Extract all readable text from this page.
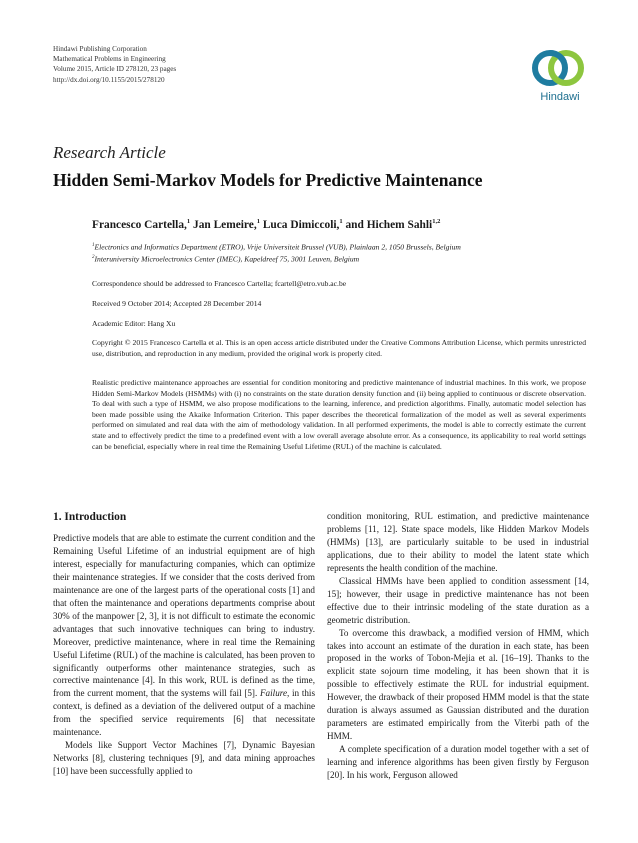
Hindawi Publishing Corporation
Mathematical Problems in Engineering
Volume 2015, Article ID 278120, 23 pages
http://dx.doi.org/10.1155/2015/278120
Hindawi
Research Article
Hidden Semi-Markov Models for Predictive Maintenance
Francesco Cartella,$^1$ Jan Lemeire,$^1$ Luca Dimiccoli,$^1$ and Hichem Sahli$^{1,2}$
$^1$Electronics and Informatics Department (ETRO), Vrije Universiteit Brussel (VUB), Plainlaan 2, 1050 Brussels, Belgium
$^2$Interuniversity Microelectronics Center (IMEC), Kapeldreef 75, 3001 Leuven, Belgium
Correspondence should be addressed to Francesco Cartella; fcartell@etro.vub.ac.be
Received 9 October 2014; Accepted 28 December 2014
Academic Editor: Hang Xu
Copyright © 2015 Francesco Cartella et al. This is an open access article distributed under the Creative Commons Attribution License, which permits unrestricted use, distribution, and reproduction in any medium, provided the original work is properly cited.
Realistic predictive maintenance approaches are essential for condition monitoring and predictive maintenance of industrial machines. In this work, we propose Hidden Semi-Markov Models (HSMMs) with (i) no constraints on the state duration density function and (ii) being applied to continuous or discrete observation. To deal with such a type of HSMM, we also propose modifications to the learning, inference, and prediction algorithms. Finally, automatic model selection has been made possible using the Akaike Information Criterion. This paper describes the theoretical formalization of the model as well as several experiments performed on simulated and real data with the aim of methodology validation. In all performed experiments, the model is able to correctly estimate the current state and to effectively predict the time to a predefined event with a low overall average absolute error. As a consequence, its applicability to real world settings can be beneficial, especially where in real time the Remaining Useful Lifetime (RUL) of the machine is calculated.
1. Introduction

Predictive models that are able to estimate the current condition and the Remaining Useful Lifetime of an industrial equipment are of high interest, especially for manufacturing companies, which can optimize their maintenance strategies. If we consider that the costs derived from maintenance are one of the largest parts of the operational costs [1] and that often the maintenance and operations departments comprise about 30% of the manpower [2, 3], it is not difficult to estimate the economic advantages that such innovative techniques can bring to industry. Moreover, predictive maintenance, where in real time the Remaining Useful Lifetime (RUL) of the machine is calculated, has been proven to significantly outperforms other maintenance strategies, such as corrective maintenance [4]. In this work, RUL is defined as the time, from the current moment, that the systems will fail [5]. Failure, in this context, is defined as a deviation of the delivered output of a machine from the specified service requirements [6] that necessitate maintenance.

Models like Support Vector Machines [7], Dynamic Bayesian Networks [8], clustering techniques [9], and data mining approaches [10] have been successfully applied to

condition monitoring, RUL estimation, and predictive maintenance problems [11, 12]. State space models, like Hidden Markov Models (HMMs) [13], are particularly suitable to be used in industrial applications, due to their ability to model the latent state which represents the health condition of the machine.

Classical HMMs have been applied to condition assessment [14, 15]; however, their usage in predictive maintenance has not been effective due to their intrinsic modeling of the state duration as a geometric distribution.

To overcome this drawback, a modified version of HMM, which takes into account an estimate of the duration in each state, has been proposed in the works of Tobon-Mejia et al. [16–19]. Thanks to the explicit state sojourn time modeling, it has been shown that it is possible to effectively estimate the RUL for industrial equipment. However, the drawback of their proposed HMM model is that the state duration is always assumed as Gaussian distributed and the duration parameters are estimated empirically from the Viterbi path of the HMM.

A complete specification of a duration model together with a set of learning and inference algorithms has been given firstly by Ferguson [20]. In his work, Ferguson allowed
